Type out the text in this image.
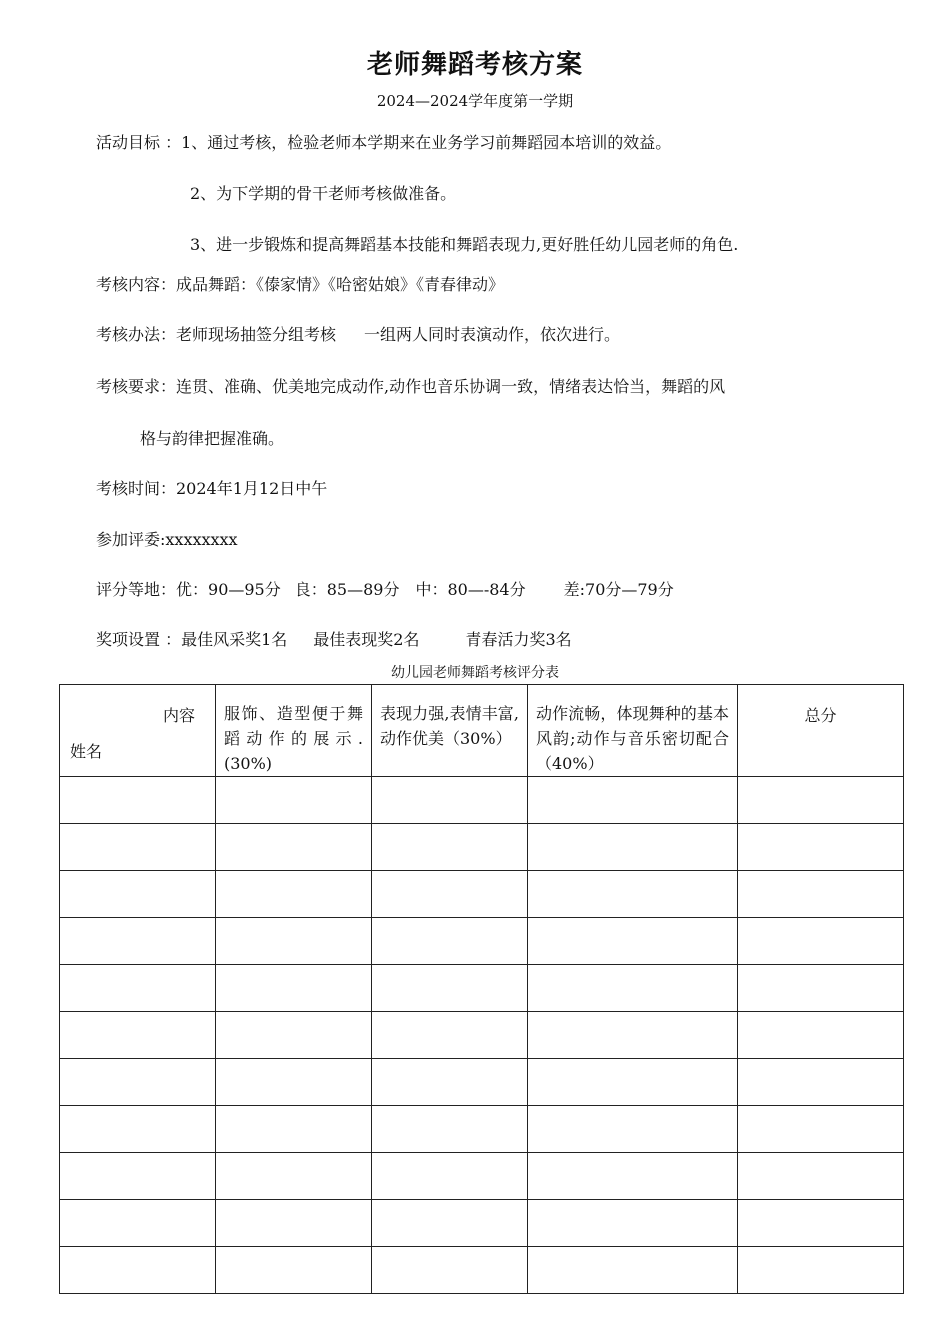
老师舞蹈考核方案
2024—2024学年度第一学期
活动目标 ：1、通过考核，检验老师本学期来在业务学习前舞蹈园本培训的效益。
2、为下学期的骨干老师考核做准备。
3、进一步锻炼和提高舞蹈基本技能和舞蹈表现力,更好胜任幼儿园老师的角色.
考核内容：成品舞蹈：《傣家情》《哈密姑娘》《青春律动》
考核办法：老师现场抽签分组考核 一组两人同时表演动作，依次进行。
考核要求：连贯、准确、优美地完成动作,动作也音乐协调一致，情绪表达恰当，舞蹈的风
格与韵律把握准确。
考核时间：2024年1月12日中午
参加评委:xxxxxxxx
评分等地：优：90—95分 良：85—89分 中：80—-84分 差:70分—79分
奖项设置 ：最佳风采奖1名 最佳表现奖2名	青春活力奖3名
幼儿园老师舞蹈考核评分表
内容
姓名	服饰、造型便于舞蹈动作的展示.(30%)	表现力强,表情丰富,动作优美（30%）	动作流畅，体现舞种的基本风韵;动作与音乐密切配合（40%）	总分
